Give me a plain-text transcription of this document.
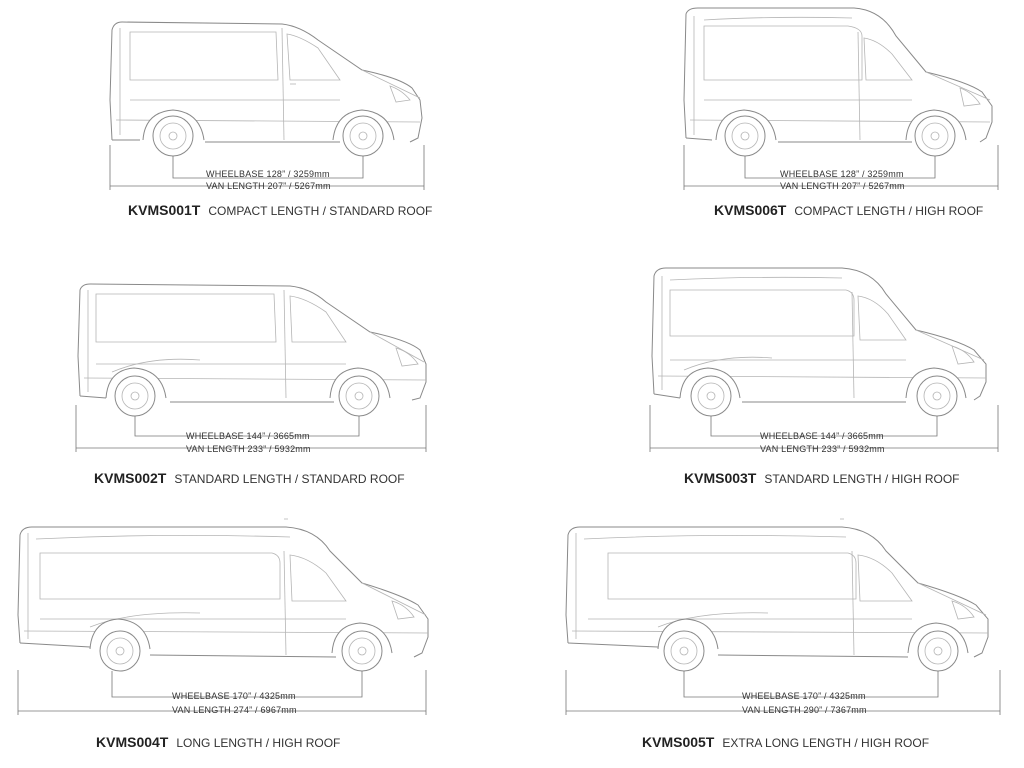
WHEELBASE 128” / 3259mm
VAN LENGTH 207” / 5267mm
KVMS001T COMPACT LENGTH / STANDARD ROOF
WHEELBASE 128” / 3259mm
VAN LENGTH 207” / 5267mm
KVMS006T COMPACT LENGTH / HIGH ROOF
WHEELBASE 144” / 3665mm
VAN LENGTH 233” / 5932mm
KVMS002T STANDARD LENGTH / STANDARD ROOF
WHEELBASE 144” / 3665mm
VAN LENGTH 233” / 5932mm
KVMS003T STANDARD LENGTH / HIGH ROOF
WHEELBASE 170” / 4325mm
VAN LENGTH 274” / 6967mm
KVMS004T LONG LENGTH / HIGH ROOF
WHEELBASE 170” / 4325mm
VAN LENGTH 290” / 7367mm
KVMS005T EXTRA LONG LENGTH / HIGH ROOF
